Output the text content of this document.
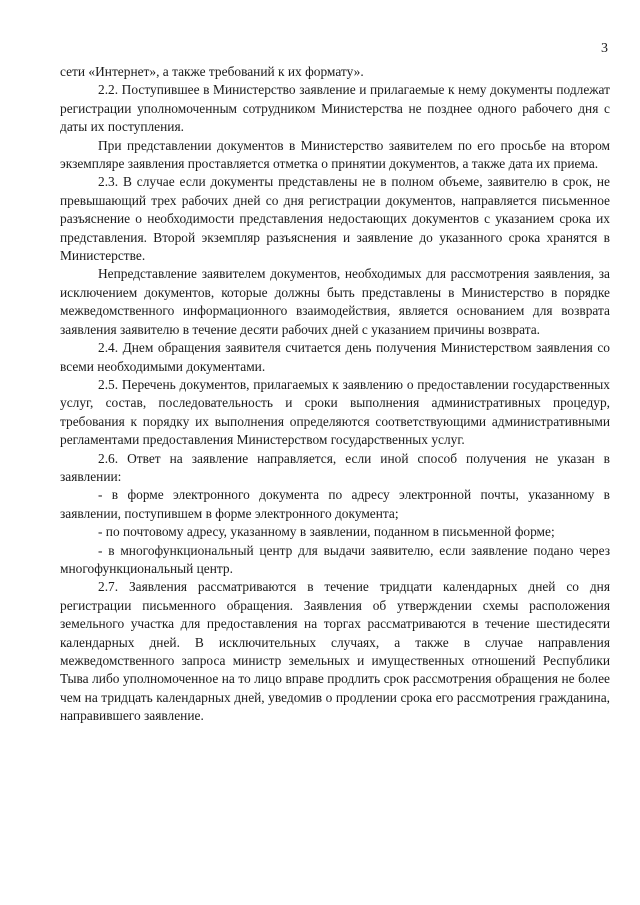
3

сети «Интернет», а также требований к их формату».

2.2. Поступившее в Министерство заявление и прилагаемые к нему документы подлежат регистрации уполномоченным сотрудником Министерства не позднее одного рабочего дня с даты их поступления.

При представлении документов в Министерство заявителем по его просьбе на втором экземпляре заявления проставляется отметка о принятии документов, а также дата их приема.

2.3. В случае если документы представлены не в полном объеме, заявителю в срок, не превышающий трех рабочих дней со дня регистрации документов, направляется письменное разъяснение о необходимости представления недостающих документов с указанием срока их представления. Второй экземпляр разъяснения и заявление до указанного срока хранятся в Министерстве.

Непредставление заявителем документов, необходимых для рассмотрения заявления, за исключением документов, которые должны быть представлены в Министерство в порядке межведомственного информационного взаимодействия, является основанием для возврата заявления заявителю в течение десяти рабочих дней с указанием причины возврата.

2.4. Днем обращения заявителя считается день получения Министерством заявления со всеми необходимыми документами.

2.5. Перечень документов, прилагаемых к заявлению о предоставлении государственных услуг, состав, последовательность и сроки выполнения административных процедур, требования к порядку их выполнения определяются соответствующими административными регламентами предоставления Министерством государственных услуг.

2.6. Ответ на заявление направляется, если иной способ получения не указан в заявлении:

- в форме электронного документа по адресу электронной почты, указанному в заявлении, поступившем в форме электронного документа;

- по почтовому адресу, указанному в заявлении, поданном в письменной форме;

- в многофункциональный центр для выдачи заявителю, если заявление подано через многофункциональный центр.

2.7. Заявления рассматриваются в течение тридцати календарных дней со дня регистрации письменного обращения. Заявления об утверждении схемы расположения земельного участка для предоставления на торгах рассматриваются в течение шестидесяти календарных дней. В исключительных случаях, а также в случае направления межведомственного запроса министр земельных и имущественных отношений Республики Тыва либо уполномоченное на то лицо вправе продлить срок рассмотрения обращения не более чем на тридцать календарных дней, уведомив о продлении срока его рассмотрения гражданина, направившего заявление.
